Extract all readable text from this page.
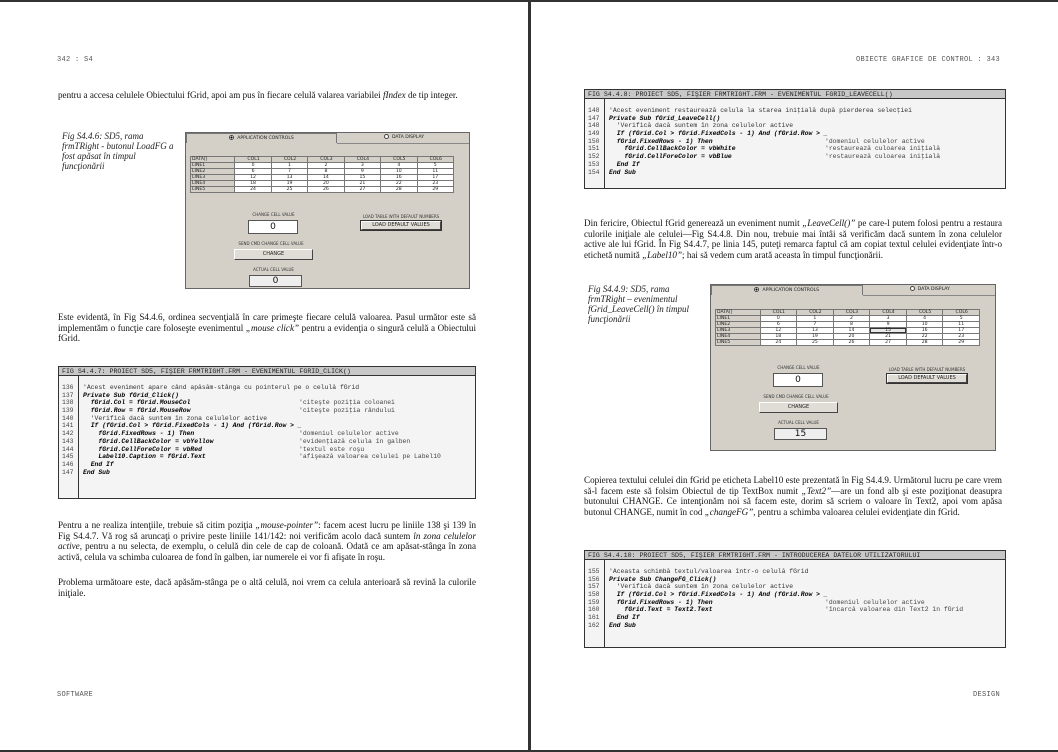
342 : S4
pentru a accesa celulele Obiectului fGrid, apoi am pus în fiecare celulă valarea variabilei fIndex de tip integer.
Fig S4.4.6: SD5, rama frmTRight - butonul LoadFG a fost apăsat în timpul funcţionării
APPLICATION CONTROLS	DATA DISPLAY
DATA[]	COL1	COL2	COL3	COL4	COL5	COL6
LINE1	0	1	2	3	4	5
LINE2	6	7	8	9	10	11
LINE3	12	13	14	15	16	17
LINE4	18	19	20	21	22	23
LINE5	24	25	26	27	28	29
CHANGE CELL VALUE
0
LOAD TABLE WITH DEFAULT NUMBERS
LOAD DEFAULT VALUES
SEND CMD CHANGE CELL VALUE
CHANGE
ACTUAL CELL VALUE
0
Este evidentă, în Fig S4.4.6, ordinea secvenţială în care primeşte fiecare celulă valoarea. Pasul următor este să implementăm o funcţie care foloseşte evenimentul „mouse click” pentru a evidenţia o singură celulă a Obiectului fGrid.
FIG S4.4.7: PROIECT SD5, FIŞIER FRMTRIGHT.FRM - EVENIMENTUL FGRID_CLICK()
136	'Acest eveniment apare când apăsăm-stânga cu pointerul pe o celulă fGrid
137	Private Sub fGrid_Click()
138	fGrid.Col = fGrid.MouseCol	'citeşte poziţia coloanei
139	fGrid.Row = fGrid.MouseRow	'citeşte poziţia rândului
140	'Verifică dacă suntem în zona celulelor active
141	If (fGrid.Col > fGrid.FixedCols - 1) And (fGrid.Row > _
142	fGrid.FixedRows - 1) Then	'domeniul celulelor active
143	fGrid.CellBackColor = vbYellow	'evidenţiază celula în galben
144	fGrid.CellForeColor = vbRed	'textul este roşu
145	Label10.Caption = fGrid.Text	'afişează valoarea celulei pe Label10
146	End If
147	End Sub
Pentru a ne realiza intenţiile, trebuie să citim poziţia „mouse-pointer”: facem acest lucru pe liniile 138 şi 139 în Fig S4.4.7. Vă rog să aruncaţi o privire peste liniile 141/142: noi verificăm acolo dacă suntem în zona celulelor active, pentru a nu selecta, de exemplu, o celulă din cele de cap de coloană. Odată ce am apăsat-stânga în zona activă, celula va schimba culoarea de fond în galben, iar numerele ei vor fi afişate în roşu.
Problema următoare este, dacă apăsăm-stânga pe o altă celulă, noi vrem ca celula anterioară să revină la culorile iniţiale.
SOFTWARE
OBIECTE GRAFICE DE CONTROL : 343
FIG S4.4.8: PROIECT SD5, FIŞIER FRMTRIGHT.FRM - EVENIMENTUL FGRID_LEAVECELL()
148	'Acest eveniment restaurează celula la starea iniţială după pierderea selecţiei
147	Private Sub fGrid_LeaveCell()
148	'Verifică dacă suntem în zona celulelor active
149	If (fGrid.Col > fGrid.FixedCols - 1) And (fGrid.Row > _
150	fGrid.FixedRows - 1) Then	'domeniul celulelor active
151	fGrid.CellBackColor = vbWhite	'restaurează culoarea iniţială
152	fGrid.CellForeColor = vbBlue	'restaurează culoarea iniţială
153	End If
154	End Sub
Din fericire, Obiectul fGrid generează un eveniment numit „LeaveCell()” pe care-l putem folosi pentru a restaura culorile iniţiale ale celulei—Fig S4.4.8. Din nou, trebuie mai întâi să verificăm dacă suntem în zona celulelor active ale lui fGrid. În Fig S4.4.7, pe linia 145, puteţi remarca faptul că am copiat textul celulei evidenţiate într-o etichetă numită „Label10”; hai să vedem cum arată aceasta în timpul funcţionării.
Fig S4.4.9: SD5, rama frmTRight – evenimentul fGrid_LeaveCell() în timpul funcţionării
APPLICATION CONTROLS	DATA DISPLAY
DATA[]	COL1	COL2	COL3	COL4	COL5	COL6
LINE1	0	1	2	3	4	5
LINE2	6	7	8	9	10	11
LINE3	12	13	14	15	16	17
LINE4	18	19	20	21	22	23
LINE5	24	25	26	27	28	29
CHANGE CELL VALUE
0
LOAD TABLE WITH DEFAULT NUMBERS
LOAD DEFAULT VALUES
SEND CMD CHANGE CELL VALUE
CHANGE
ACTUAL CELL VALUE
15
Copierea textului celulei din fGrid pe eticheta Label10 este prezentată în Fig S4.4.9. Următorul lucru pe care vrem să-l facem este să folsim Obiectul de tip TextBox numit „Text2”—are un fond alb şi este poziţionat deasupra butonului CHANGE. Ce intenţionăm noi să facem este, dorim să scriem o valoare în Text2, apoi vom apăsa butonul CHANGE, numit în cod „changeFG”, pentru a schimba valoarea celulei evidenţiate din fGrid.
FIG S4.4.10: PROIECT SD5, FIŞIER FRMTRIGHT.FRM - INTRODUCEREA DATELOR UTILIZATORULUI
155	'Aceasta schimbă textul/valoarea într-o celulă fGrid
156	Private Sub ChangeFG_Click()
157	'Verifică dacă suntem în zona celulelor active
158	If (fGrid.Col > fGrid.FixedCols - 1) And (fGrid.Row > _
159	fGrid.FixedRows - 1) Then	'domeniul celulelor active
160	fGrid.Text = Text2.Text	'încarcă valoarea din Text2 în fGrid
161	End If
162	End Sub
DESIGN
